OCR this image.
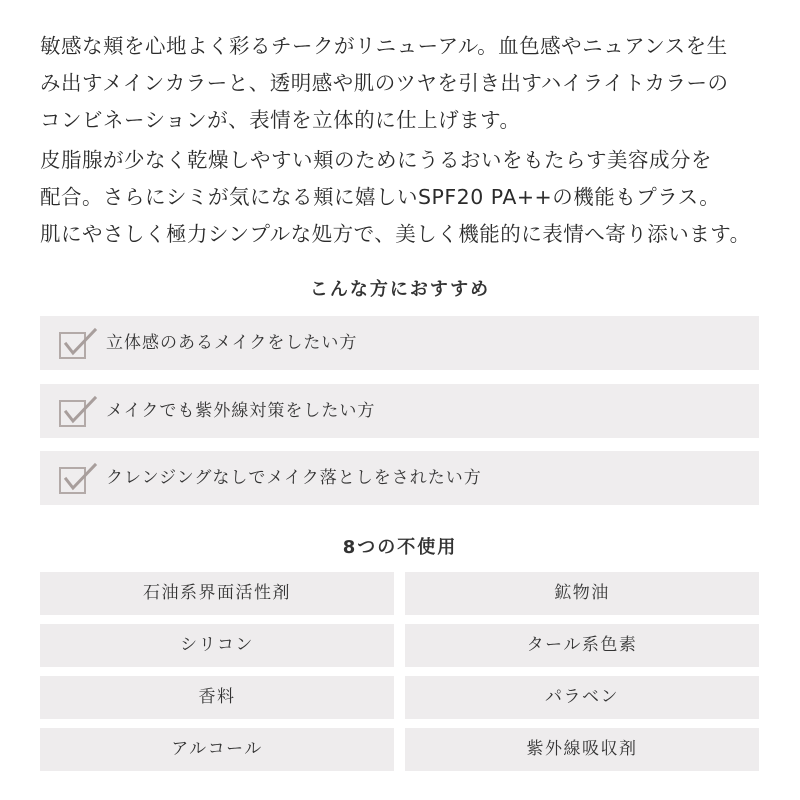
敏感な頬を心地よく彩るチークがリニューアル。血色感やニュアンスを生
み出すメインカラーと、透明感や肌のツヤを引き出すハイライトカラーの
コンビネーションが、表情を立体的に仕上げます。

皮脂腺が少なく乾燥しやすい頬のためにうるおいをもたらす美容成分を
配合。さらにシミが気になる頬に嬉しいSPF20 PA++の機能もプラス。
肌にやさしく極力シンプルな処方で、美しく機能的に表情へ寄り添います。

こんな方におすすめ
立体感のあるメイクをしたい方
メイクでも紫外線対策をしたい方
クレンジングなしでメイク落としをされたい方
8つの不使用
石油系界面活性剤	鉱物油
シリコン	タール系色素
香料	パラベン
アルコール	紫外線吸収剤
